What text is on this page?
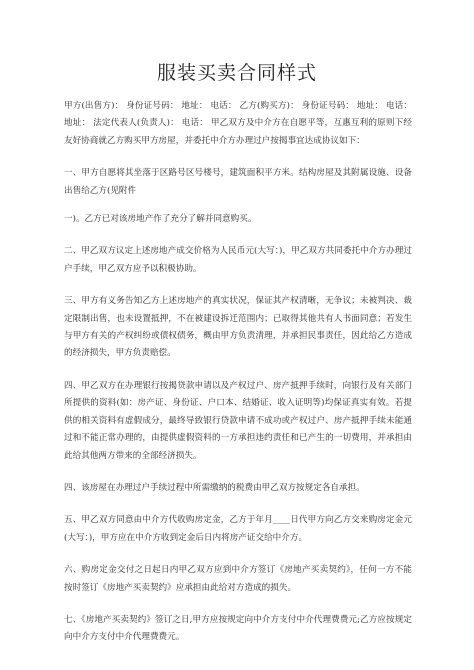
服装买卖合同样式

甲方(出售方)： 身份证号码： 地址： 电话： 乙方(购买方)： 身份证号码： 地址： 电话： 地址： 法定代表人(负责人)： 电话： 甲乙双方及中介方在自愿平等，互惠互利的原则下经友好协商就乙方购买甲方房屋，并委托中介方办理过户按揭事宜达成协议如下：

一、甲方自愿将其坐落于区路号区号楼号，建筑面积平方米。结构房屋及其附属设施、设备出售给乙方(见附件

一)。乙方已对该房地产作了充分了解并同意购买。

二、甲乙双方议定上述房地产成交价格为人民币元(大写：)，甲乙双方共同委托中介方办理过户手续，甲乙双方应予以积极协助。

三、甲方有义务告知乙方上述房地产的真实状况，保证其产权清晰，无争议；未被判决、裁定限制出售，也未设置抵押，不在被建设拆迁范围内；已取得其他共有人书面同意；若发生与甲方有关的产权纠纷或债权债务，概由甲方负责清理，并承担民事责任，因此给乙方造成的经济损失，甲方负责赔偿。

四、甲乙双方在办理银行按揭贷款申请以及产权过户、房产抵押手续时，向银行及有关部门所提供的资料(如：房产证、身份证、户口本、结婚证、收入证明等)均保证真实有效。若提供的相关资料有虚假成分，最终导致银行贷款申请不成功或产权过户、房产抵押手续未能通过和不能正常办理的，由提供虚假资料的一方承担违约责任和已产生的一切费用，并承担由此给其他两方带来的全部经济损失。

四、该房屋在办理过户手续过程中所需缴纳的税费由甲乙双方按规定各自承担。

五、甲乙双方同意由中介方代收购房定金，乙方于年月____日代甲方向乙方交来购房定金元(大写：)，甲方应在中介方收到定金后日内将房产证交给中介方。

六、购房定金交付之日起日内甲乙双方应到中介方签订《房地产买卖契约》，任何一方不能按时签订《房地产买卖契约》应承担由此给对方造成的损失。

七、《房地产买卖契约》签订之日,甲方应按规定向中介方支付中介代理费费元;乙方应按规定向中介方支付中介代理费费元。
